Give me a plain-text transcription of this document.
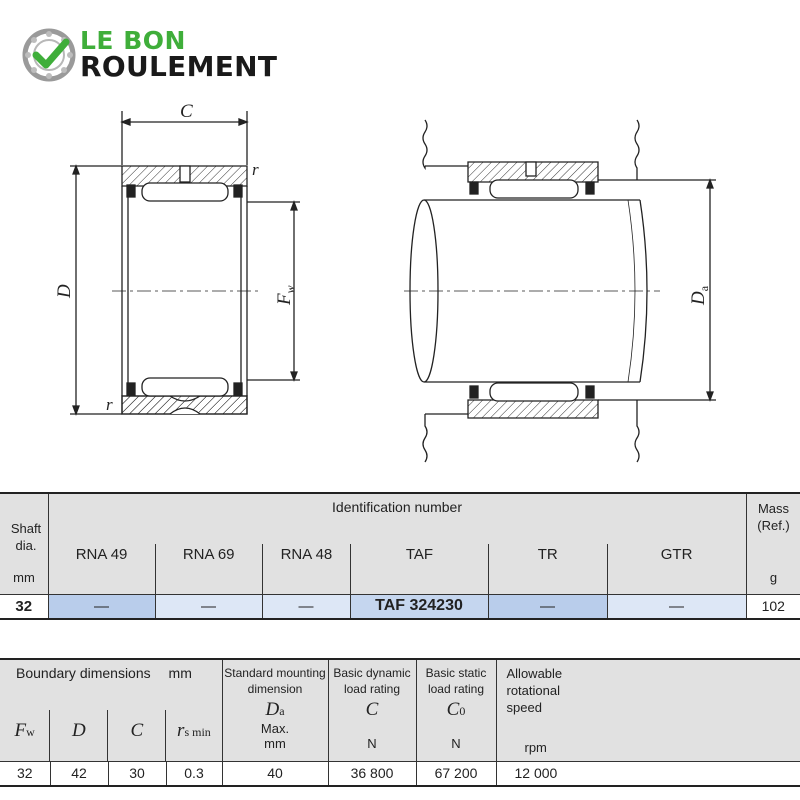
LE BON
ROULEMENT
C
r
r
D
$F_w$
$D_a$
Shaft
dia.
mm

Identification number
RNA 49	RNA 69	RNA 48	TAF	TR	GTR

Mass
(Ref.)
g

32	—	—	—	TAF 324230	—	—	102
Boundary dimensions mm
Fw	D	C	rs min

Standard mounting
dimension
Da
Max.
mm

Basic dynamic
load rating
C
N

Basic static
load rating
C0
N

Allowable
rotational
speed
rpm

32	42	30	0.3	40	36 800	67 200	12 000
